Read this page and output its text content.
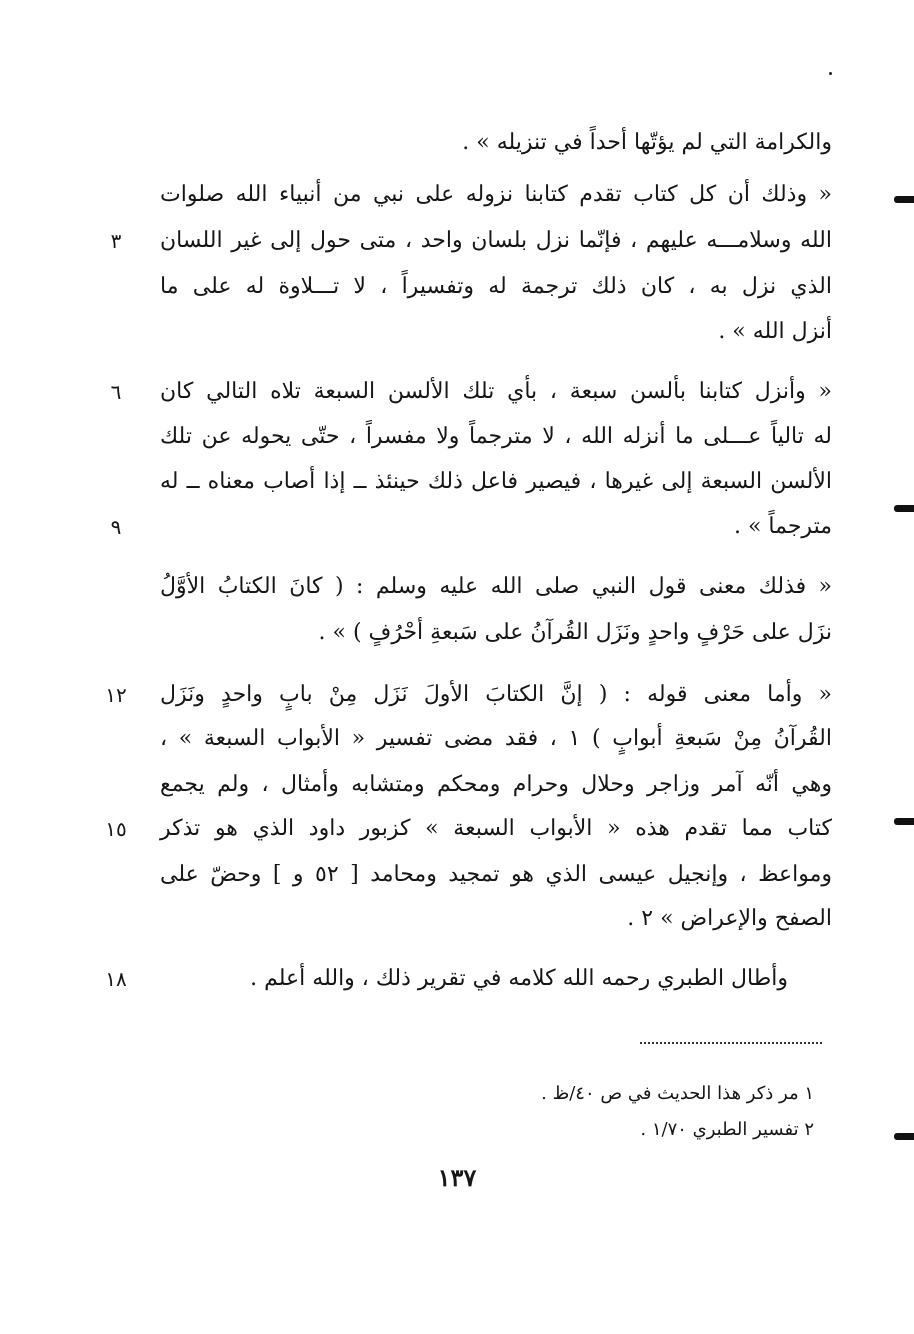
والكرامة التي لم يؤتّها أحداً في تنزيله » .
« وذلك أن كل كتاب تقدم كتابنا نزوله على نبي من أنبياء الله صلوات
الله وسلامـــه عليهم ، فإنّما نزل بلسان واحد ، متى حول إلى غير اللسان
الذي نزل به ، كان ذلك ترجمة له وتفسيراً ، لا تـــلاوة له على ما
أنزل الله » .
« وأنزل كتابنا بألسن سبعة ، بأي تلك الألسن السبعة تلاه التالي كان
له تالياً عـــلى ما أنزله الله ، لا مترجماً ولا مفسراً ، حتّى يحوله عن تلك
الألسن السبعة إلى غيرها ، فيصير فاعل ذلك حينئذ ــ إذا أصاب معناه ــ له
مترجماً » .
« فذلك معنى قول النبي صلى الله عليه وسلم : ( كانَ الكتابُ الأوَّلُ
نزَل على حَرْفٍ واحدٍ ونَزَل القُرآنُ على سَبعةِ أحْرُفٍ ) » .
« وأما معنى قوله : ( إنَّ الكتابَ الأولَ نَزَل مِنْ بابٍ واحدٍ ونَزَل
القُرآنُ مِنْ سَبعةِ أبوابٍ ) ١ ، فقد مضى تفسير « الأبواب السبعة » ،
وهي أنّه آمر وزاجر وحلال وحرام ومحكم ومتشابه وأمثال ، ولم يجمع
كتاب مما تقدم هذه « الأبواب السبعة » كزبور داود الذي هو تذكر
ومواعظ ، وإنجيل عيسى الذي هو تمجيد ومحامد [ ٥٢ و ] وحضّ على
الصفح والإعراض » ٢ .
وأطال الطبري رحمه الله كلامه في تقرير ذلك ، والله أعلم .
٣
٦
٩
١٢
١٥
١٨
١ مر ذكر هذا الحديث في ص ٤٠/ظ .
٢ تفسير الطبري ١/٧٠ .
١٣٧
